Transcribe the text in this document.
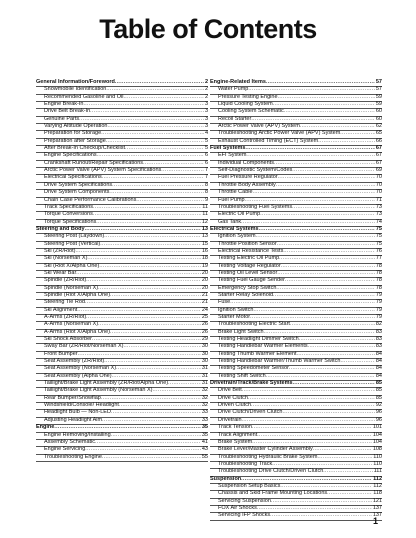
Table of Contents
General Information/Foreword .....	2
Snowmobile Identification .....	2
Recommended Gasoline and Oil .....	2
Engine Break-In .....	3
Drive Belt Break-In .....	3
Genuine Parts .....	3
Varying Altitude Operation .....	3
Preparation for Storage .....	4
Preparation after Storage .....	5
After Break-In Checkup/Checklist .....	5
Engine Specifications .....	6
Crankshaft Runout/Repair Specifications .....	6
Arctic Power Valve (APV) System Specifications .....	7
Electrical Specifications .....	7
Drive System Specifications .....	8
Drive System Components .....	8
Chain Case Performance Calibrations .....	9
Track Specifications .....	11
Torque Conversions .....	11
Torque Specifications .....	12
Steering and Body .....	13
Steering Post (Laydown) .....	13
Steering Post (Vertical) .....	15
Ski (ZR/Riot) .....	16
Ski (Norseman X) .....	18
Ski (Riot X/Alpha One) .....	19
Ski Wear Bar .....	20
Spindle (ZR/Riot) .....	20
Spindle (Norseman X) .....	20
Spindle (Riot X/Alpha One) .....	21
Steering Tie Rod .....	21
Ski Alignment .....	24
A-Arms (ZR/Riot) .....	25
A-Arms (Norseman X) .....	26
A-Arms (Riot X/Alpha One) .....	26
Ski Shock Absorber .....	29
Sway Bar (ZR/Riot/Norseman X) .....	30
Front Bumper .....	30
Seat Assembly (ZR/Riot) .....	30
Seat Assembly (Norseman X) .....	31
Seat Assembly (Alpha One) .....	31
Taillight/Brake Light Assembly (ZR/Riot/Alpha One) .....	31
Taillight/Brake Light Assembly (Norseman X) .....	32
Rear Bumper/Snowflap .....	32
Windshield/Console/ Headlight .....	32
Headlight Bulb — Non-LED .....	33
Adjusting Headlight Aim .....	33
Engine .....	35
Engine Removing/Installing .....	35
Assembly Schematic .....	41
Engine Servicing .....	43
Troubleshooting Engine .....	55
Engine-Related Items .....	57
Water Pump .....	57
Pressure Testing Engine .....	59
Liquid Cooling System .....	59
Cooling System Schematic .....	60
Recoil Starter .....	60
Arctic Power Valve (APV) System .....	62
Troubleshooting Arctic Power Valve (APV) System .....	65
Exhaust Controlled Timing (ECT) System .....	66
Fuel Systems .....	67
EFI System .....	67
Individual Components .....	67
Self-Diagnostic System/Codes .....	69
Fuel Pressure Regulator .....	70
Throttle Body Assembly .....	70
Throttle Cable .....	70
Fuel Pump .....	71
Troubleshooting Fuel Systems .....	73
Electric Oil Pump .....	73
Gas Tank .....	74
Electrical Systems .....	75
Ignition System .....	75
Throttle Position Sensor .....	75
Electrical Resistance Tests .....	76
Testing Electric Oil Pump .....	77
Testing Voltage Regulator .....	78
Testing Oil Level Sensor .....	78
Testing Fuel Gauge Sender .....	78
Emergency Stop Switch .....	78
Starter Relay Solenoid .....	79
Fuse .....	79
Ignition Switch .....	79
Starter Motor .....	79
Troubleshooting Electric Start .....	82
Brake Light Switch .....	83
Testing Headlight Dimmer Switch .....	83
Testing Handlebar Warmer Elements .....	83
Testing Thumb Warmer Element .....	84
Testing Handlebar Warmer/Thumb Warmer Switch .....	84
Testing Speedometer Sensor .....	84
Testing Shift Switch .....	84
Drivetrain/Track/Brake Systems .....	85
Drive Belt .....	85
Drive Clutch .....	85
Driven Clutch .....	92
Drive Clutch/Driven Clutch .....	96
Drivetrain .....	96
Track Tension .....	101
Track Alignment .....	104
Brake System .....	104
Brake Lever/Master Cylinder Assembly .....	108
Troubleshooting Hydraulic Brake System .....	110
Troubleshooting Track .....	110
Troubleshooting Drive Clutch/Driven Clutch .....	111
Suspension .....	112
Suspension Setup Basics .....	112
Chassis and Skid Frame Mounting Locations .....	118
Servicing Suspension .....	121
FOX Air Shocks .....	137
Servicing IFP Shocks .....	137
1
